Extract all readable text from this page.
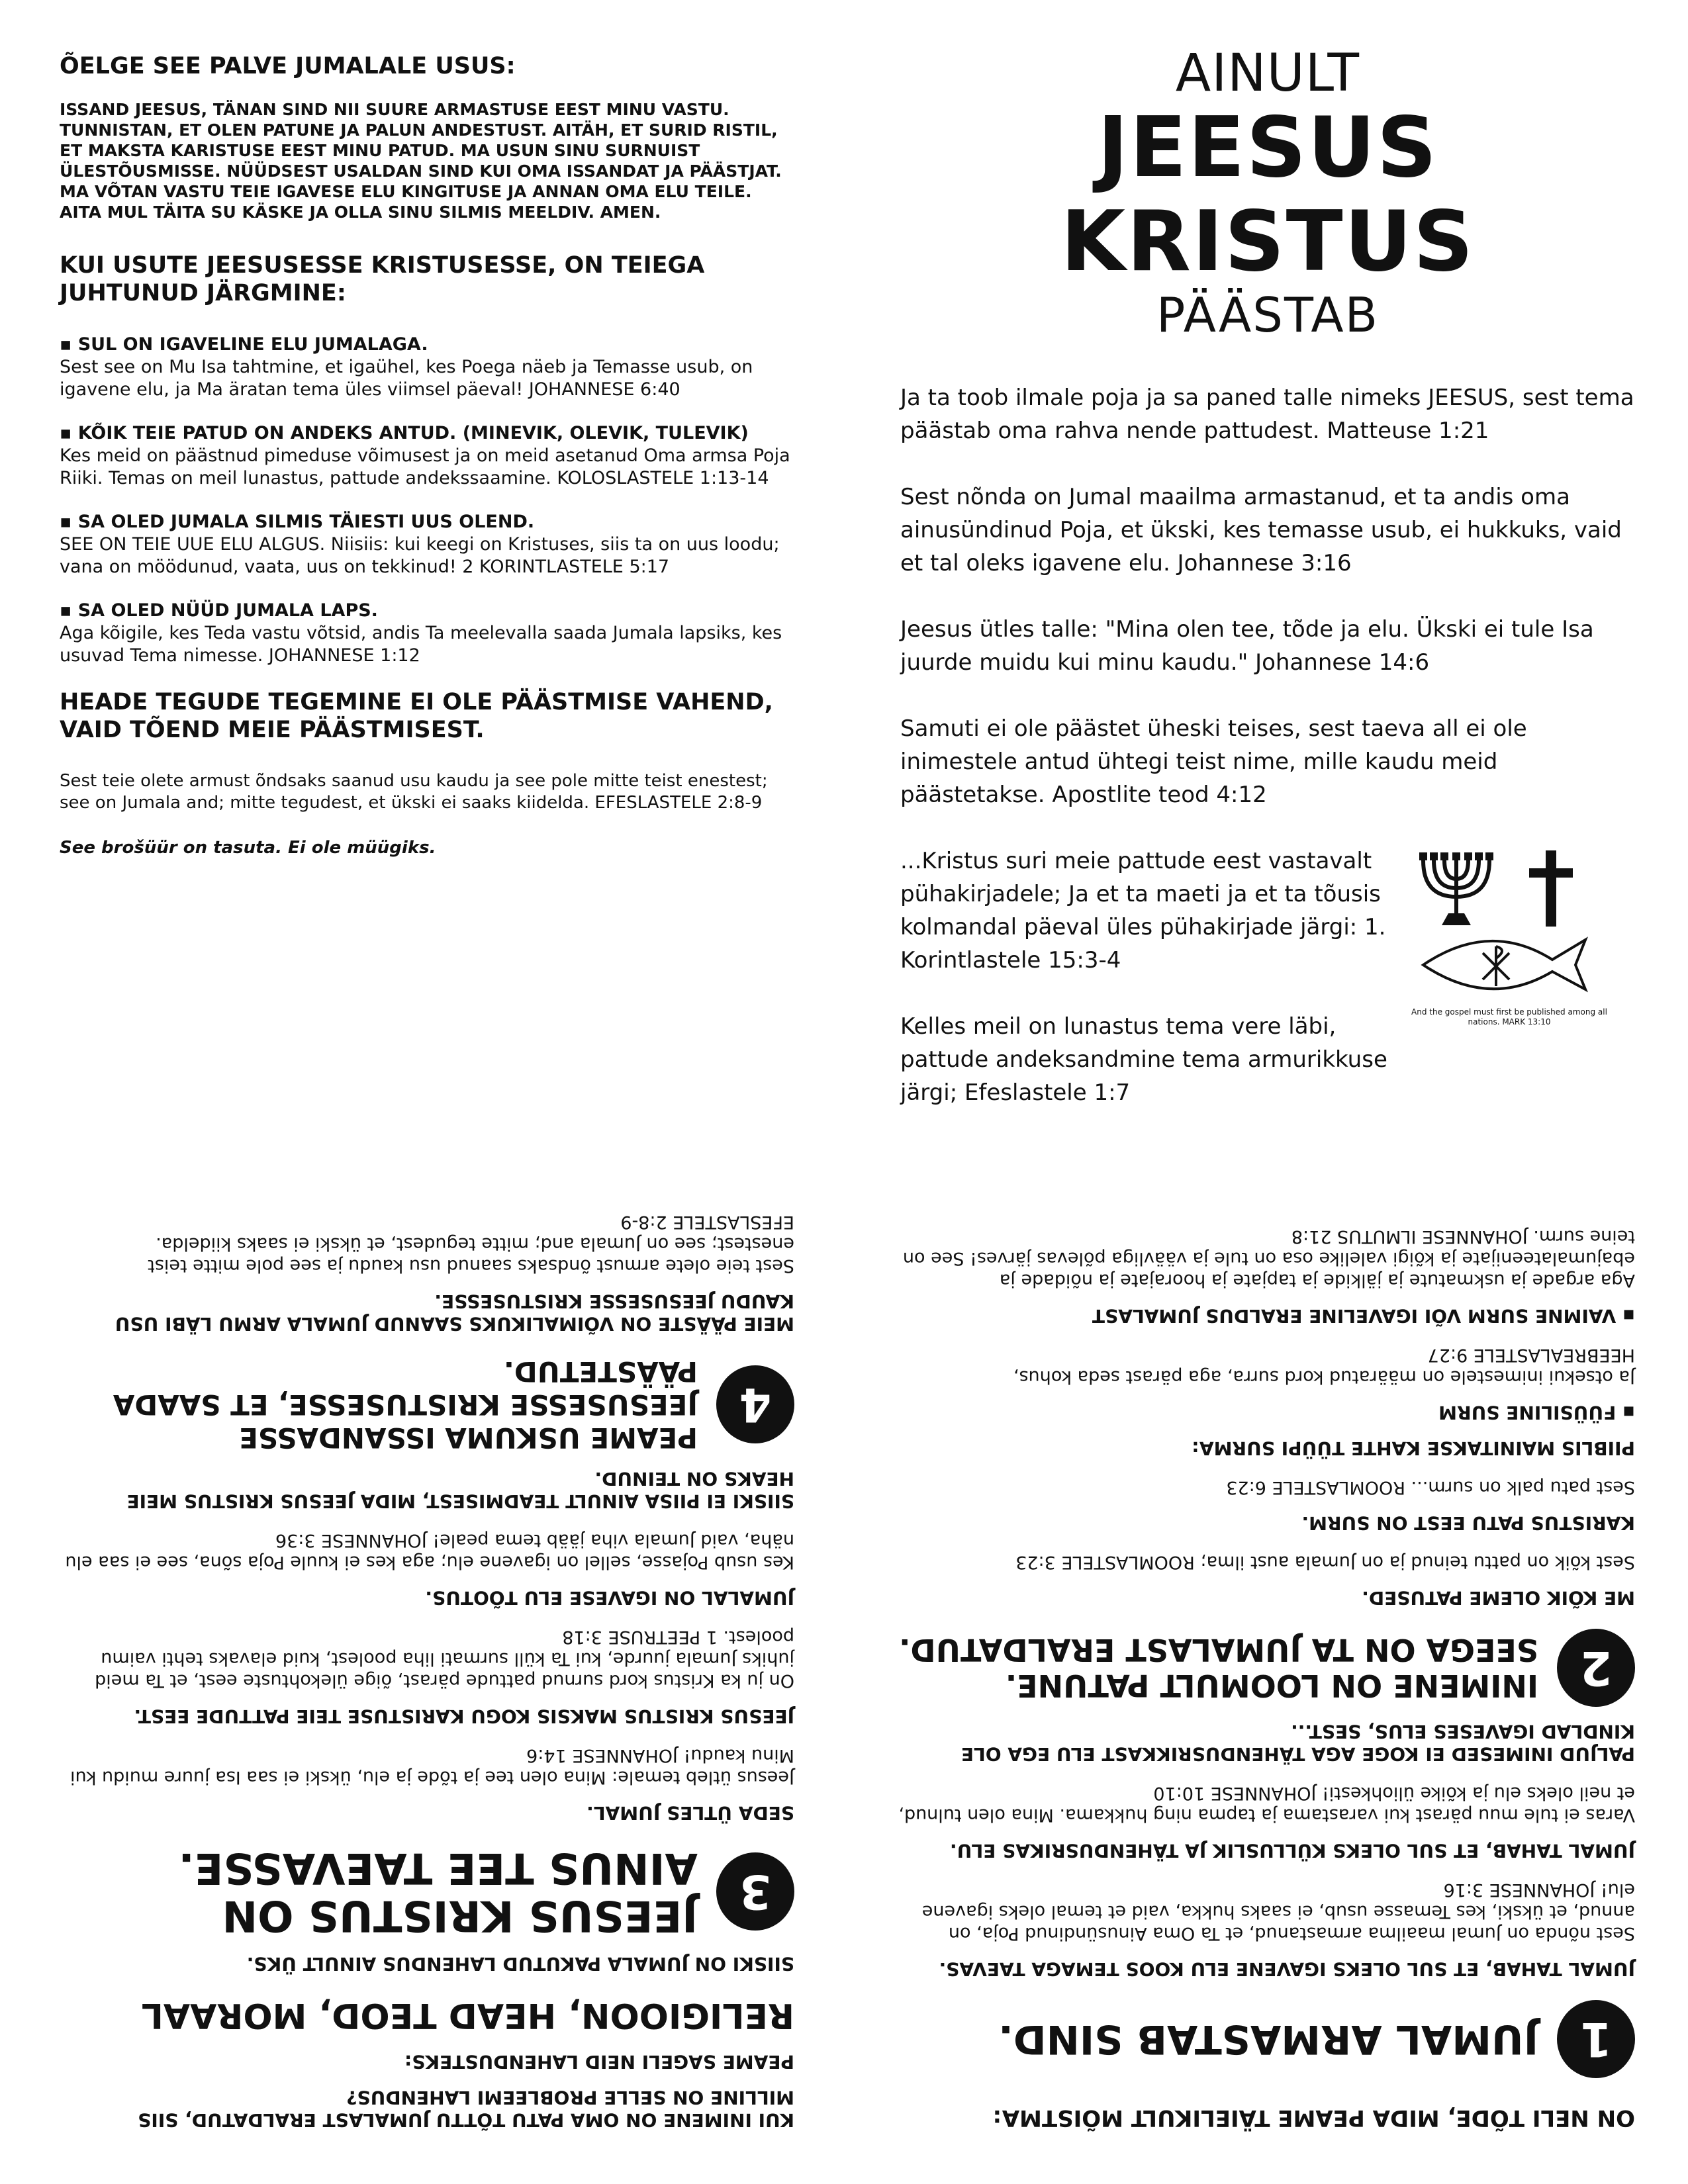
ÕELGE SEE PALVE JUMALALE USUS:

ISSAND JEESUS, TÄNAN SIND NII SUURE ARMASTUSE EEST MINU VASTU. TUNNISTAN, ET OLEN PATUNE JA PALUN ANDESTUST. AITÄH, ET SURID RISTIL, ET MAKSTA KARISTUSE EEST MINU PATUD. MA USUN SINU SURNUIST ÜLESTÕUSMISSE. NÜÜDSEST USALDAN SIND KUI OMA ISSANDAT JA PÄÄSTJAT. MA VÕTAN VASTU TEIE IGAVESE ELU KINGITUSE JA ANNAN OMA ELU TEILE. AITA MUL TÄITA SU KÄSKE JA OLLA SINU SILMIS MEELDIV. AMEN.

KUI USUTE JEESUSESSE KRISTUSESSE, ON TEIEGA JUHTUNUD JÄRGMINE:

▪ SUL ON IGAVELINE ELU JUMALAGA.
Sest see on Mu Isa tahtmine, et igaühel, kes Poega näeb ja Temasse usub, on igavene elu, ja Ma äratan tema üles viimsel päeval! JOHANNESE 6:40
▪ KÕIK TEIE PATUD ON ANDEKS ANTUD. (MINEVIK, OLEVIK, TULEVIK)
Kes meid on päästnud pimeduse võimusest ja on meid asetanud Oma armsa Poja Riiki. Temas on meil lunastus, pattude andekssaamine. KOLOSLASTELE 1:13-14
▪ SA OLED JUMALA SILMIS TÄIESTI UUS OLEND.
SEE ON TEIE UUE ELU ALGUS. Niisiis: kui keegi on Kristuses, siis ta on uus loodu; vana on möödunud, vaata, uus on tekkinud! 2 KORINTLASTELE 5:17
▪ SA OLED NÜÜD JUMALA LAPS.
Aga kõigile, kes Teda vastu võtsid, andis Ta meelevalla saada Jumala lapsiks, kes usuvad Tema nimesse. JOHANNESE 1:12

HEADE TEGUDE TEGEMINE EI OLE PÄÄSTMISE VAHEND, VAID TÕEND MEIE PÄÄSTMISEST.

Sest teie olete armust õndsaks saanud usu kaudu ja see pole mitte teist enestest; see on Jumala and; mitte tegudest, et ükski ei saaks kiidelda. EFESLASTELE 2:8-9

See brošüür on tasuta. Ei ole müügiks.

AINULT

JEESUS KRISTUS

PÄÄSTAB

Ja ta toob ilmale poja ja sa paned talle nimeks JEESUS, sest tema päästab oma rahva nende pattudest. Matteuse 1:21

Sest nõnda on Jumal maailma armastanud, et ta andis oma ainusündinud Poja, et ükski, kes temasse usub, ei hukkuks, vaid et tal oleks igavene elu. Johannese 3:16

Jeesus ütles talle: "Mina olen tee, tõde ja elu. Ükski ei tule Isa juurde muidu kui minu kaudu." Johannese 14:6

Samuti ei ole päästet üheski teises, sest taeva all ei ole inimestele antud ühtegi teist nime, mille kaudu meid päästetakse. Apostlite teod 4:12

...Kristus suri meie pattude eest vastavalt pühakirjadele; Ja et ta maeti ja et ta tõusis kolmandal päeval üles pühakirjade järgi: 1. Korintlastele 15:3-4

Kelles meil on lunastus tema vere läbi, pattude andeksandmine tema armurikkuse järgi; Efeslastele 1:7

And the gospel must first be published among all nations. MARK 13:10

ON NELI TÕDE, MIDA PEAME TÄIELIKULT MÕISTMA:

1
JUMAL ARMASTAB SIND.

JUMAL TAHAB, ET SUL OLEKS IGAVENE ELU KOOS TEMAGA TAEVAS.

Sest nõnda on Jumal maailma armastanud, et Ta Oma Ainusündinud Poja, on annud, et ükski, kes Temasse usub, ei saaks hukka, vaid et temal oleks igavene elu! JOHANNESE 3:16

JUMAL TAHAB, ET SUL OLEKS KÜLLUSLIK JA TÄHENDUSRIKAS ELU.

Varas ei tule muu pärast kui varastama ja tapma ning hukkama. Mina olen tulnud, et neil oleks elu ja kõike üliohkesti! JOHANNESE 10:10

PALJUD INIMESED EI KOGE AGA TÄHENDUSRIKKAST ELU EGA OLE KINDLAD IGAVESES ELUS, SEST...

2
INIMENE ON LOOMULT PATUNE. SEEGA ON TA JUMALAST ERALDATUD.

ME KÕIK OLEME PATUSED.

Sest kõik on pattu teinud ja on Jumala aust ilma; ROOMLASTELE 3:23

KARISTUS PATU EEST ON SURM.

Sest patu palk on surm... ROOMLASTELE 6:23

PIIBLIS MAINITAKSE KAHTE TÜÜPI SURMA:

▪ FÜÜSILINE SURM

Ja otsekui inimestele on määratud kord surra, aga pärast seda kohus, HEEBREALASTELE 9:27

▪ VAIMNE SURM VÕI IGAVELINE ERALDUS JUMALAST

Aga argade ja uskmatute ja jälkide ja tapjate ja hoorajate ja nõidade ja ebajumalateenijate ja kõigi valelike osa on tule ja väävliga põlevas järves! See on teine surm. JOHANNESE ILMUTUS 21:8

KUI INIMENE ON OMA PATU TÕTTU JUMALAST ERALDATUD, SIIS MILLINE ON SELLE PROBLEEMI LAHENDUS?

PEAME SAGELI NEID LAHENDUSTEKS:

RELIGIOON, HEAD TEOD, MORAAL

SIISKI ON JUMALA PAKUTUD LAHENDUS AINULT ÜKS.

3
JEESUS KRISTUS ON AINUS TEE TAEVASSE.

SEDA ÜTLES JUMAL.

Jeesus ütleb temale: Mina olen tee ja tõde ja elu, ükski ei saa Isa juure muidu kui Minu kaudu! JOHANNESE 14:6

JEESUS KRISTUS MAKSIS KOGU KARISTUSE TEIE PATTUDE EEST.

On ju ka Kristus kord surnud pattude pärast, õige ülekohtuste eest, et Ta meid juhiks Jumala juurde, kui Ta küll surmati liha poolest, kuid elavaks tehti vaimu poolest. 1 PEETRUSE 3:18

JUMALAL ON IGAVESE ELU TÕOTUS.

Kes usub Pojasse, sellel on igavene elu; aga kes ei kuule Poja sõna, see ei saa elu näha, vaid Jumala viha jääb tema peale! JOHANNESE 3:36

SIISKI EI PIISA AINULT TEADMISEST, MIDA JEESUS KRISTUS MEIE HEAKS ON TEINUD.

4
PEAME USKUMA ISSANDASSE JEESUSESSE KRISTUSESSE, ET SAADA PÄÄSTETUD.

MEIE PÄÄSTE ON VÕIMALIKUKS SAANUD JUMALA ARMU LÄBI USU KAUDU JEESUSESSE KRISTUSESSE.

Sest teie olete armust õndsaks saanud usu kaudu ja see pole mitte teist enestest; see on Jumala and; mitte tegudest, et ükski ei saaks kiidelda. EFESLASTELE 2:8-9
